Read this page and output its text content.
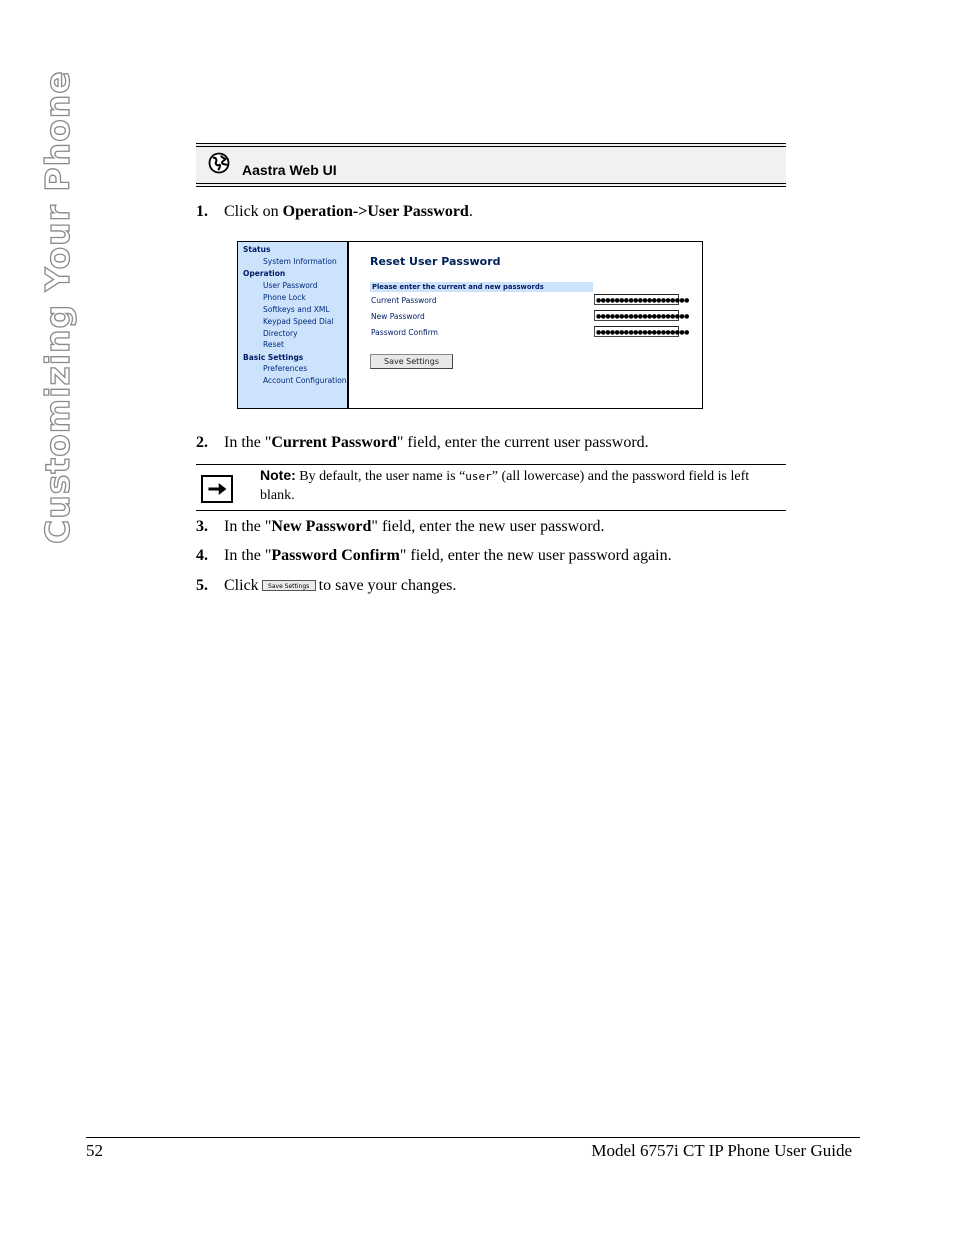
Customizing Your Phone	Aastra Web UI
1. Click on Operation->User Password.
Status
System Information
Operation
User Password
Phone Lock
Softkeys and XML
Keypad Speed Dial
Directory
Reset
Basic Settings
Preferences
Account Configuration
Reset User Password
Please enter the current and new passwords
Current Password	●●●●●●●●●●●●●●●●●●●●
New Password	●●●●●●●●●●●●●●●●●●●●
Password Confirm	●●●●●●●●●●●●●●●●●●●●
Save Settings
2. In the "Current Password" field, enter the current user password.
Note: By default, the user name is “user” (all lowercase) and the password field is left blank.
3. In the "New Password" field, enter the new user password.
4. In the "Password Confirm" field, enter the new user password again.
5. Click Save Settings to save your changes.
52	Model 6757i CT IP Phone User Guide
